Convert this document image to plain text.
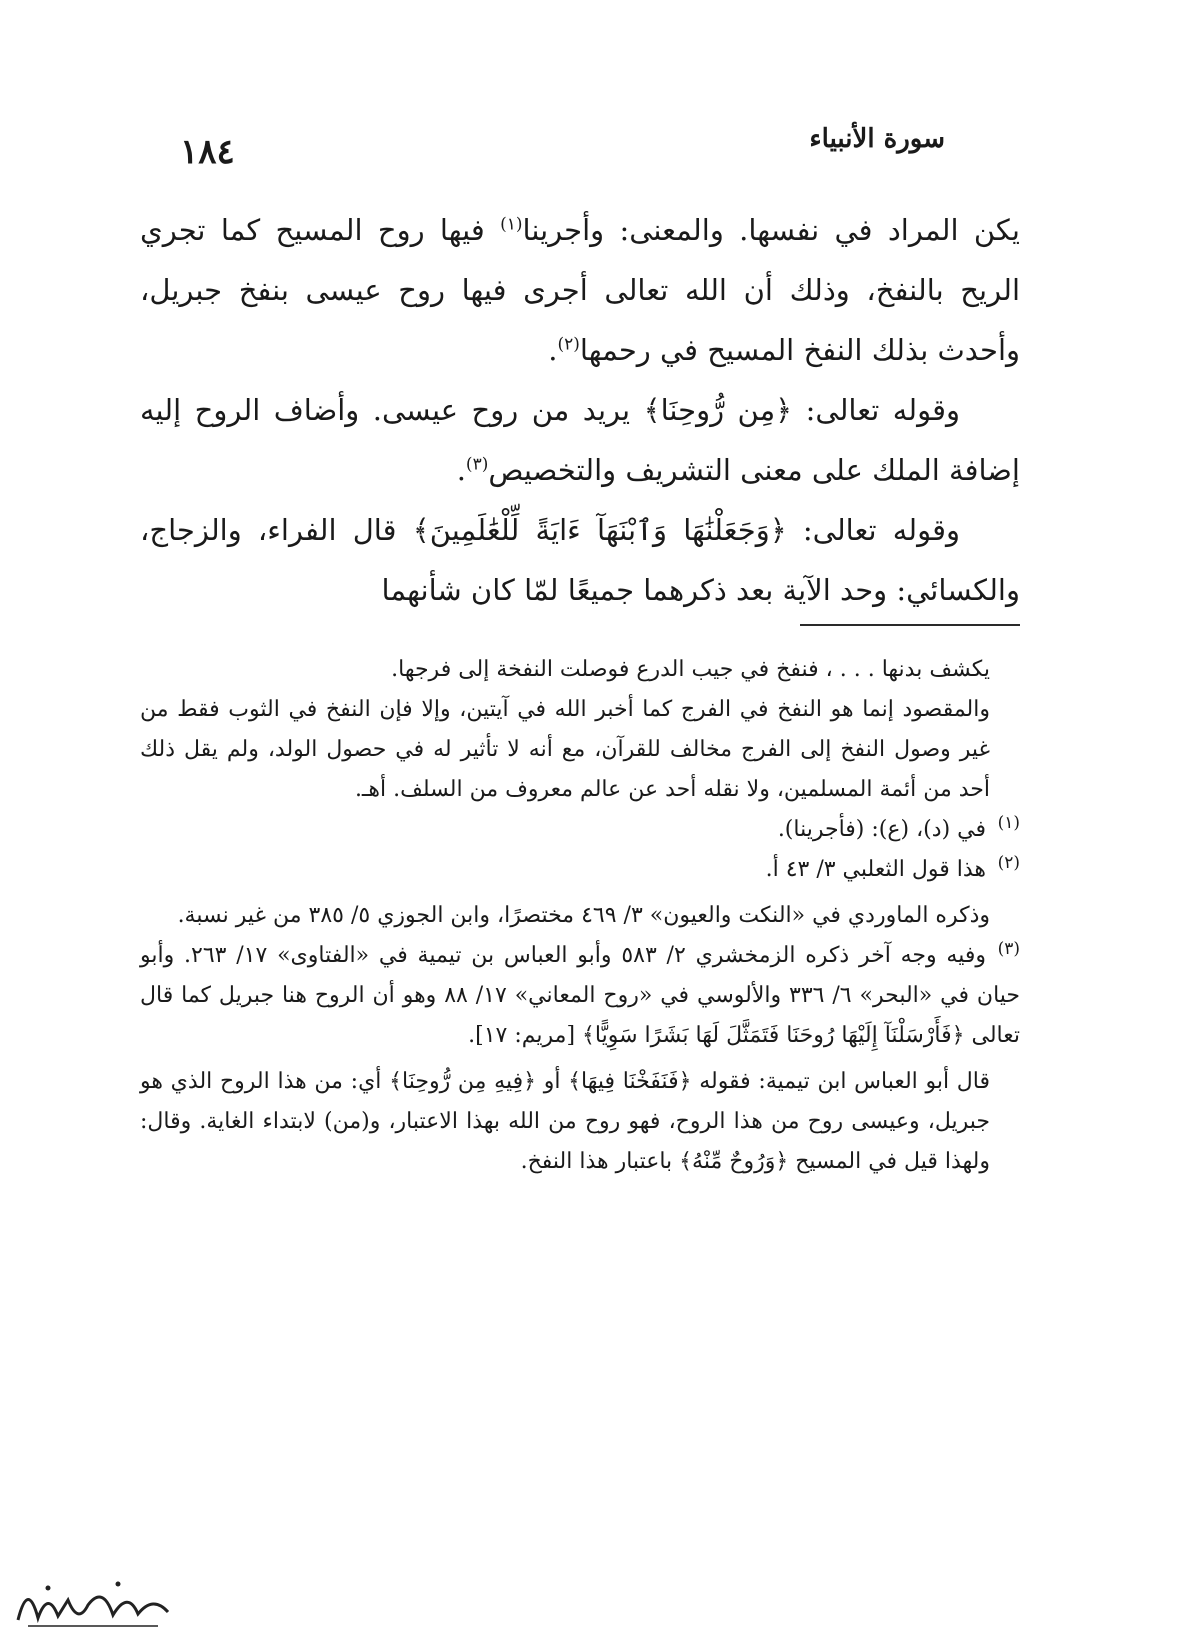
سورة الأنبياء
١٨٤

يكن المراد في نفسها. والمعنى: وأجرينا$^{(١)}$ فيها روح المسيح كما تجري الريح بالنفخ، وذلك أن الله تعالى أجرى فيها روح عيسى بنفخ جبريل، وأحدث بذلك النفخ المسيح في رحمها$^{(٢)}$.

وقوله تعالى: ﴿مِن رُّوحِنَا﴾ يريد من روح عيسى. وأضاف الروح إليه إضافة الملك على معنى التشريف والتخصيص$^{(٣)}$.

وقوله تعالى: ﴿وَجَعَلْنَٰهَا وَٱبْنَهَآ ءَايَةً لِّلْعَٰلَمِينَ﴾ قال الفراء، والزجاج، والكسائي: وحد الآية بعد ذكرهما جميعًا لمّا كان شأنهما

يكشف بدنها . . . ، فنفخ في جيب الدرع فوصلت النفخة إلى فرجها.
والمقصود إنما هو النفخ في الفرج كما أخبر الله في آيتين، وإلا فإن النفخ في الثوب فقط من غير وصول النفخ إلى الفرج مخالف للقرآن، مع أنه لا تأثير له في حصول الولد، ولم يقل ذلك أحد من أئمة المسلمين، ولا نقله أحد عن عالم معروف من السلف. أهـ.

(١)في (د)، (ع): (فأجرينا).

(٢)هذا قول الثعلبي ٣/ ٤٣ أ.

وذكره الماوردي في «النكت والعيون» ٣/ ٤٦٩ مختصرًا، وابن الجوزي ٥/ ٣٨٥ من غير نسبة.

(٣)وفيه وجه آخر ذكره الزمخشري ٢/ ٥٨٣ وأبو العباس بن تيمية في «الفتاوى» ١٧/ ٢٦٣. وأبو حيان في «البحر» ٦/ ٣٣٦ والألوسي في «روح المعاني» ١٧/ ٨٨ وهو أن الروح هنا جبريل كما قال تعالى ﴿فَأَرْسَلْنَآ إِلَيْهَا رُوحَنَا فَتَمَثَّلَ لَهَا بَشَرًا سَوِيًّا﴾ [مريم: ١٧].

قال أبو العباس ابن تيمية: فقوله ﴿فَنَفَخْنَا فِيهَا﴾ أو ﴿فِيهِ مِن رُّوحِنَا﴾ أي: من هذا الروح الذي هو جبريل، وعيسى روح من هذا الروح، فهو روح من الله بهذا الاعتبار، و(من) لابتداء الغاية. وقال: ولهذا قيل في المسيح ﴿وَرُوحٌ مِّنْهُ﴾ باعتبار هذا النفخ.
